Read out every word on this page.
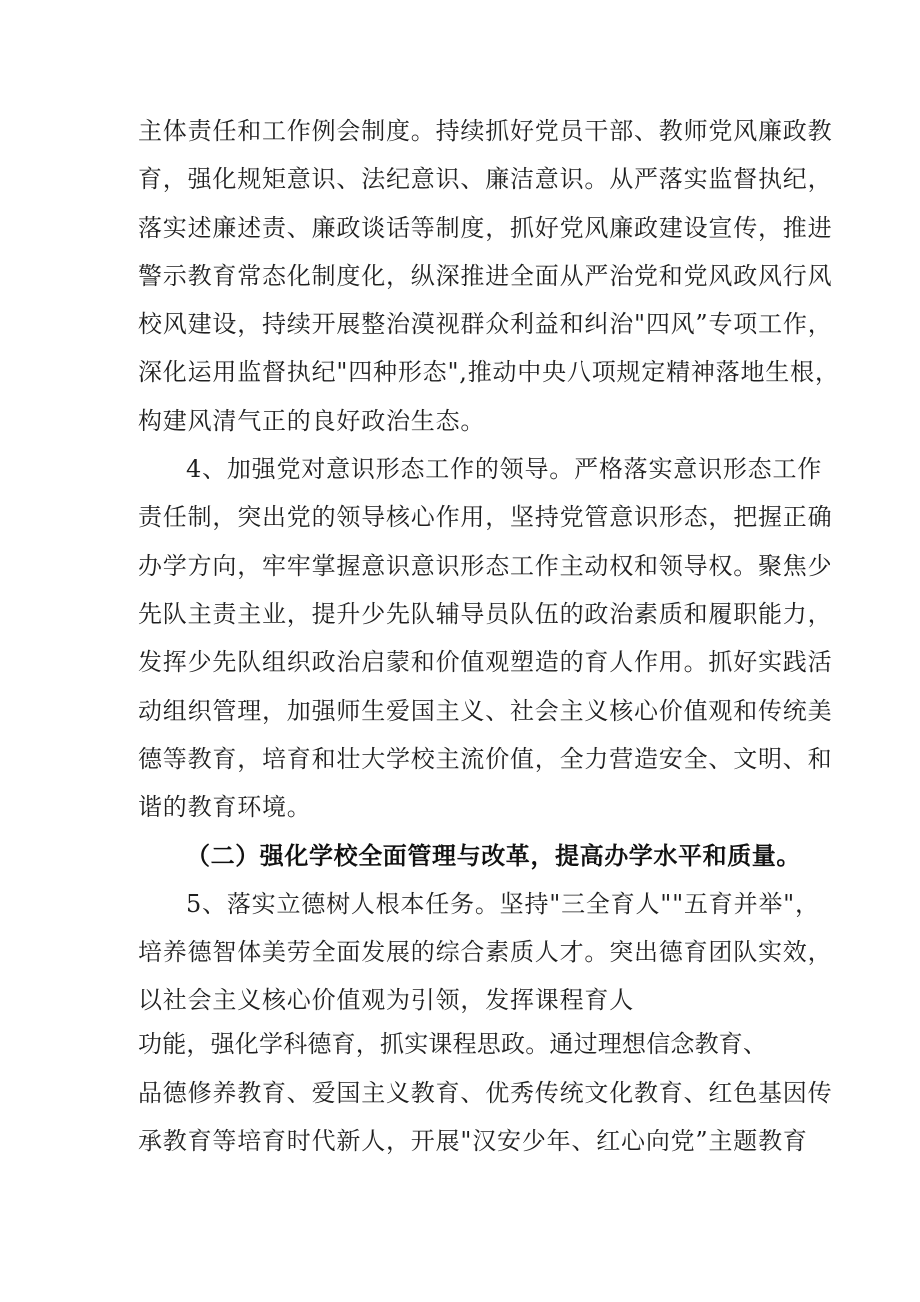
主体责任和工作例会制度。持续抓好党员干部、教师党风廉政教
育，强化规矩意识、法纪意识、廉洁意识。从严落实监督执纪，
落实述廉述责、廉政谈话等制度，抓好党风廉政建设宣传，推进
警示教育常态化制度化，纵深推进全面从严治党和党风政风行风
校风建设，持续开展整治漠视群众利益和纠治"四风”专项工作，
深化运用监督执纪"四种形态",推动中央八项规定精神落地生根，
构建风清气正的良好政治生态。
4、加强党对意识形态工作的领导。严格落实意识形态工作
责任制，突出党的领导核心作用，坚持党管意识形态，把握正确
办学方向，牢牢掌握意识意识形态工作主动权和领导权。聚焦少
先队主责主业，提升少先队辅导员队伍的政治素质和履职能力，
发挥少先队组织政治启蒙和价值观塑造的育人作用。抓好实践活
动组织管理，加强师生爱国主义、社会主义核心价值观和传统美
德等教育，培育和壮大学校主流价值，全力营造安全、文明、和
谐的教育环境。
（二）强化学校全面管理与改革，提高办学水平和质量。
5、落实立德树人根本任务。坚持"三全育人""五育并举"，
培养德智体美劳全面发展的综合素质人才。突出德育团队实效，
以社会主义核心价值观为引领，发挥课程育人
功能，强化学科德育，抓实课程思政。通过理想信念教育、
品德修养教育、爱国主义教育、优秀传统文化教育、红色基因传
承教育等培育时代新人，开展"汉安少年、红心向党”主题教育
